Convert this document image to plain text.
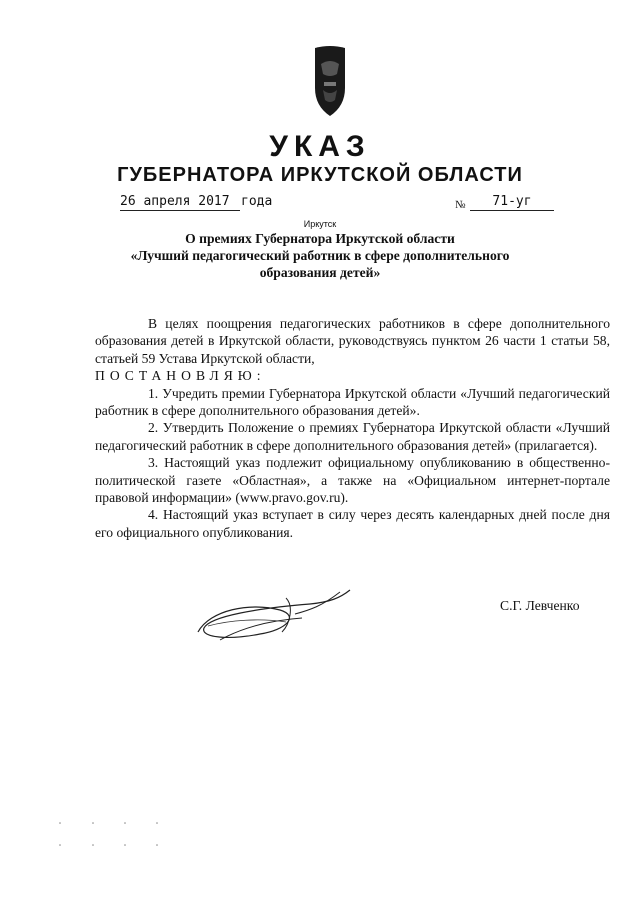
УКАЗ
ГУБЕРНАТОРА ИРКУТСКОЙ ОБЛАСТИ
26 апреля 2017 года	№	71-уг
Иркутск

О премиях Губернатора Иркутской области

«Лучший педагогический работник в сфере дополнительного

образования детей»

В целях поощрения педагогических работников в сфере дополнительного образования детей в Иркутской области, руководствуясь пунктом 26 части 1 статьи 58, статьей 59 Устава Иркутской области,

ПОСТАНОВЛЯЮ:

1. Учредить премии Губернатора Иркутской области «Лучший педагогический работник в сфере дополнительного образования детей».

2. Утвердить Положение о премиях Губернатора Иркутской области «Лучший педагогический работник в сфере дополнительного образования детей» (прилагается).

3. Настоящий указ подлежит официальному опубликованию в общественно-политической газете «Областная», а также на «Официальном интернет-портале правовой информации» (www.pravo.gov.ru).

4. Настоящий указ вступает в силу через десять календарных дней после дня его официального опубликования.

С.Г. Левченко
